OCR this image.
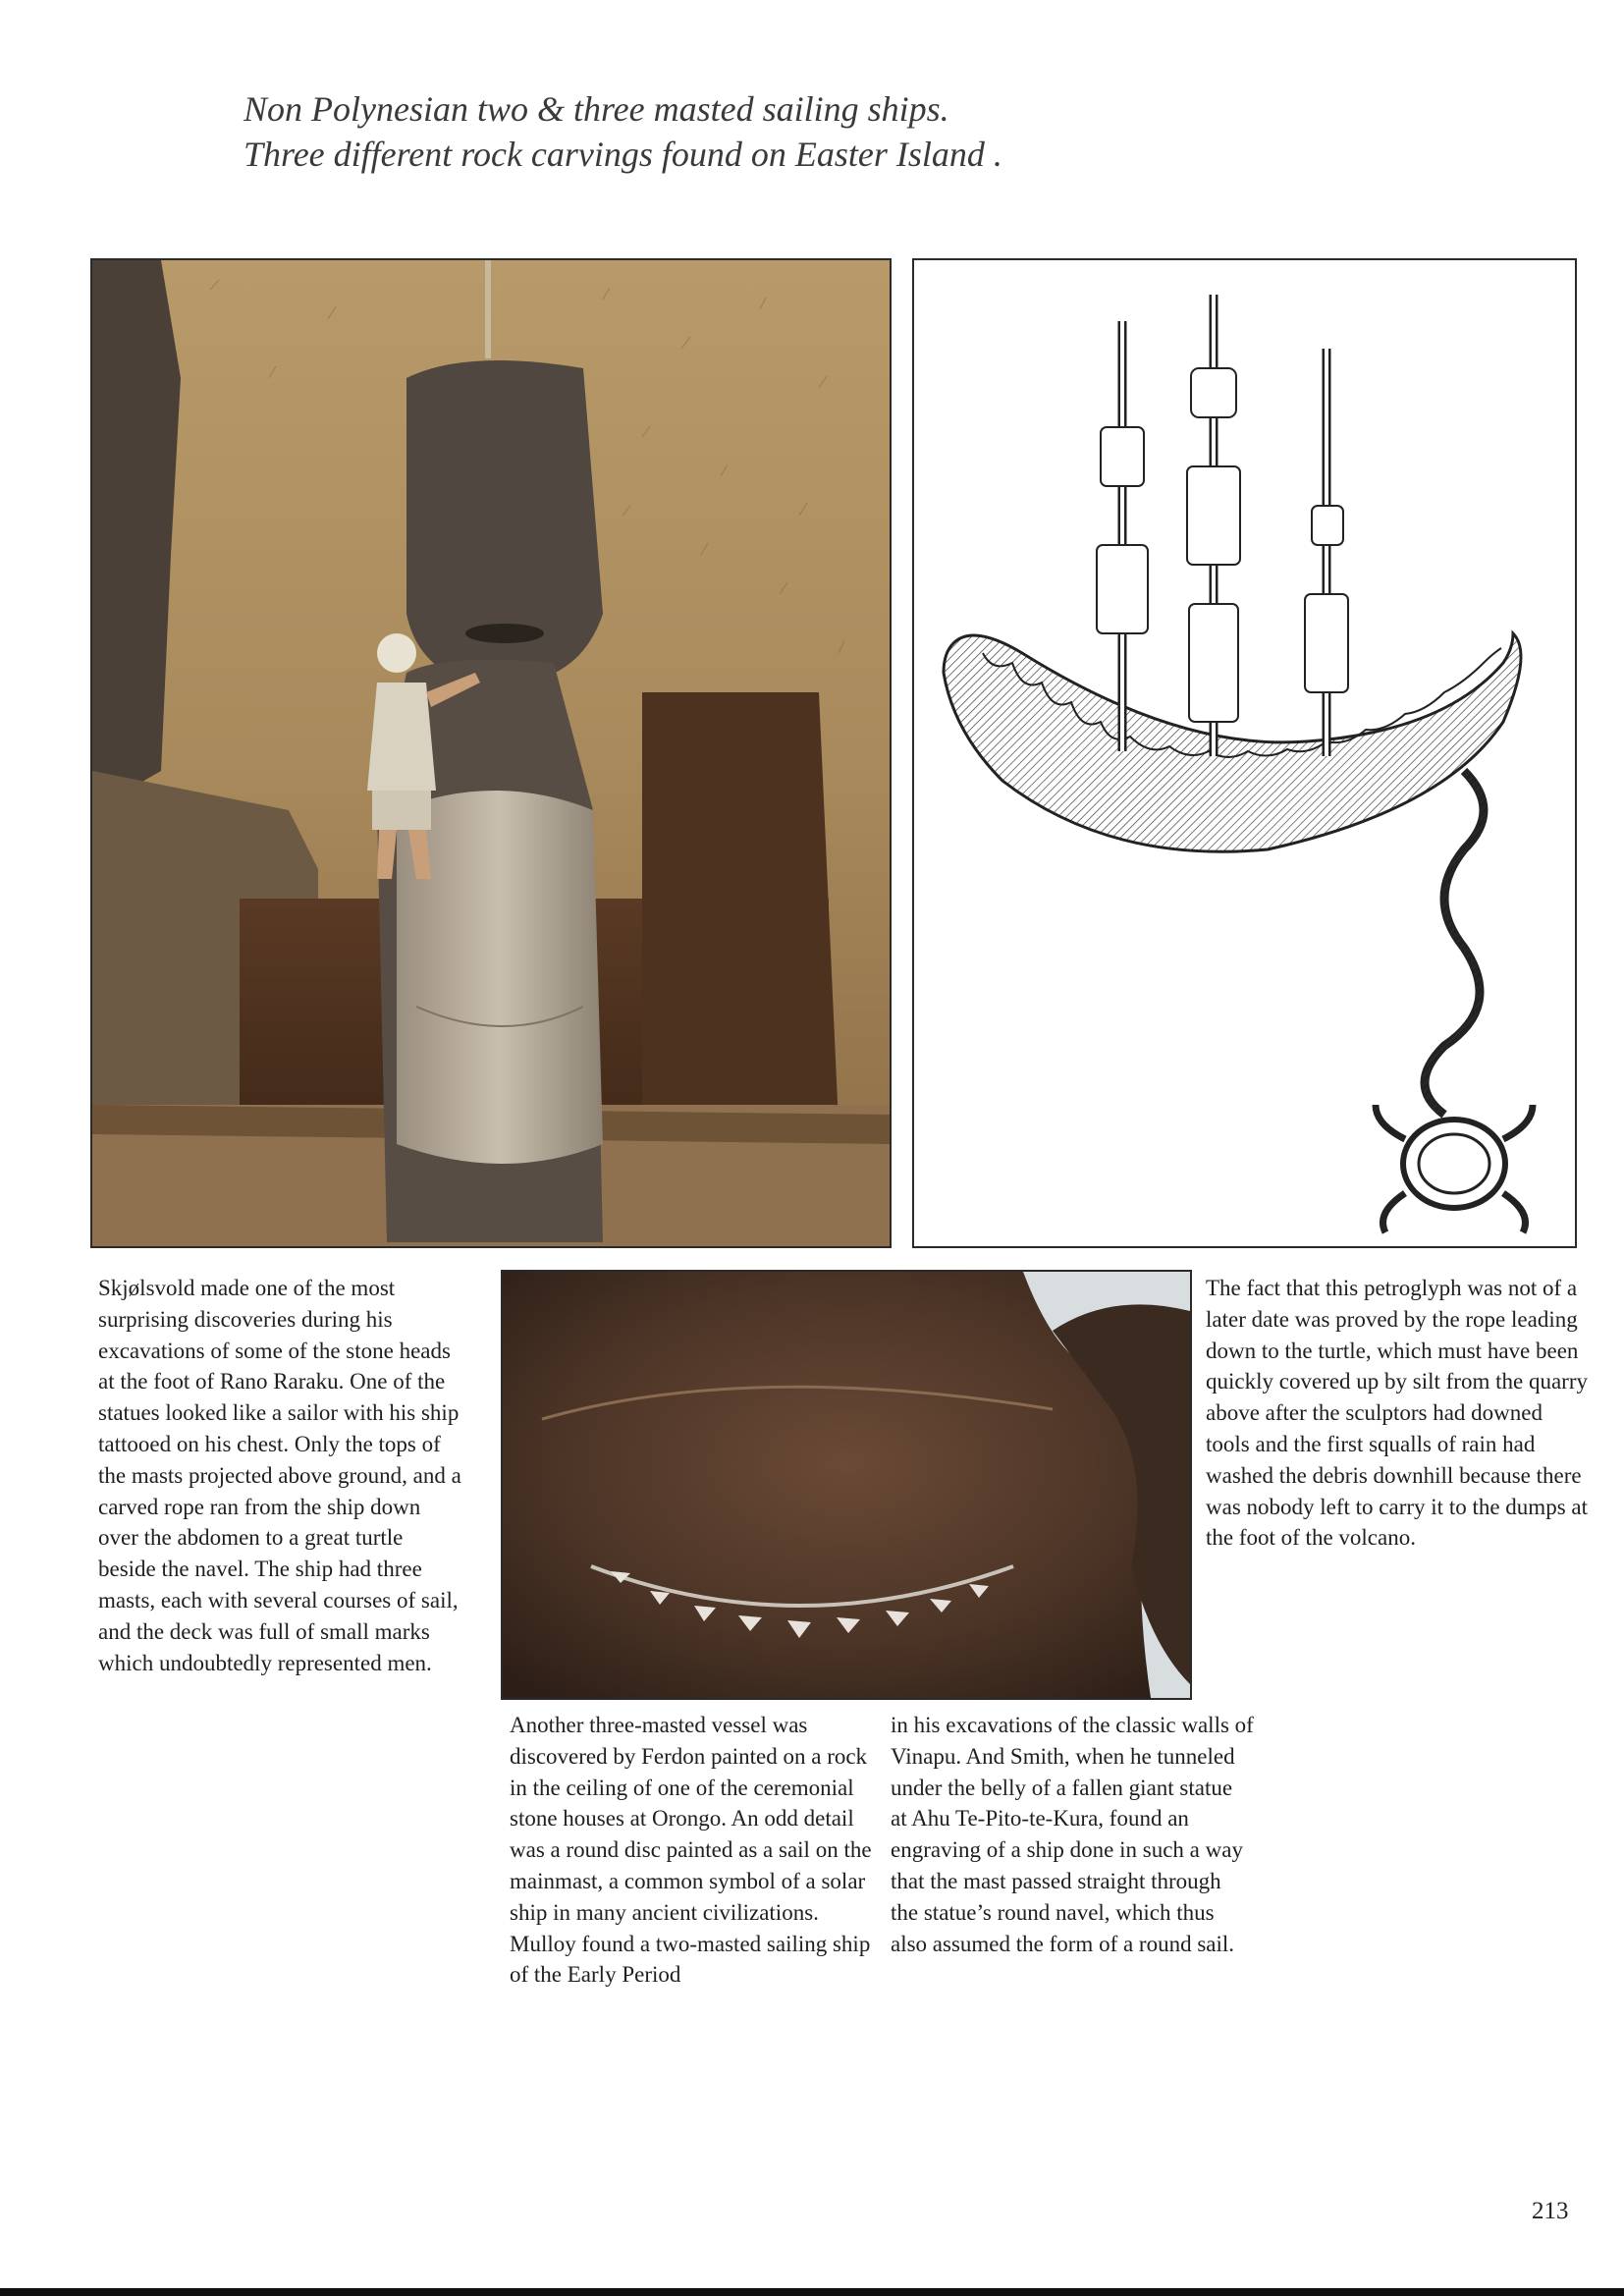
Non Polynesian two & three masted sailing ships.
Three different rock carvings found on Easter Island .

Skjølsvold made one of the most surprising discoveries during his excavations of some of the stone heads at the foot of Rano Raraku. One of the statues looked like a sailor with his ship tattooed on his chest. Only the tops of the masts projected above ground, and a carved rope ran from the ship down over the abdomen to a great turtle beside the navel. The ship had three masts, each with several courses of sail, and the deck was full of small marks which undoubtedly represented men.

Another three-masted vessel was discovered by Ferdon painted on a rock in the ceiling of one of the ceremonial stone houses at Orongo. An odd detail was a round disc painted as a sail on the mainmast, a common symbol of a solar ship in many ancient civilizations. Mulloy found a two-masted sailing ship of the Early Period

in his excavations of the classic walls of Vinapu. And Smith, when he tunneled under the belly of a fallen giant statue at Ahu Te-Pito-te-Kura, found an engraving of a ship done in such a way that the mast passed straight through the statue’s round navel, which thus also assumed the form of a round sail.

The fact that this petroglyph was not of a later date was proved by the rope leading down to the turtle, which must have been quickly covered up by silt from the quarry above after the sculptors had downed tools and the first squalls of rain had washed the debris downhill because there was nobody left to carry it to the dumps at the foot of the volcano.

213
